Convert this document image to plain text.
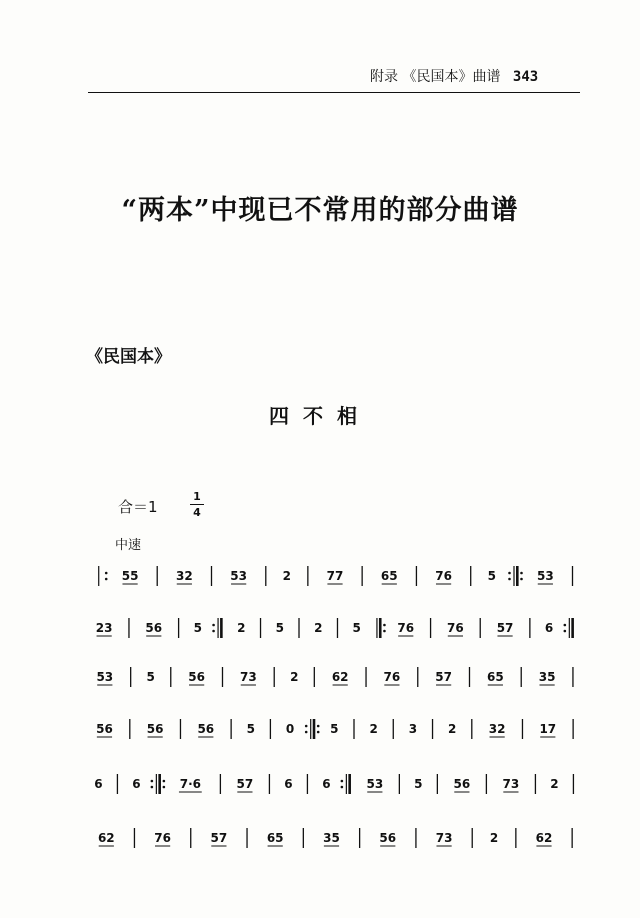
附录 《民国本》曲谱 343
“两本”中现已不常用的部分曲谱
《民国本》
四不相
合＝1
1
4
中速
55	32	53	2	77	65	76	5	53
23	56	5	2	5	2	5	76	76	57	6
53	5	56	73	2	62	76	57	65	35
56	56	56	5	0	5	2	3	2	32	17
6 6	7·6	57	6 6	53	5	56	73	2
62	76	57	65	35	56	73	2	62
